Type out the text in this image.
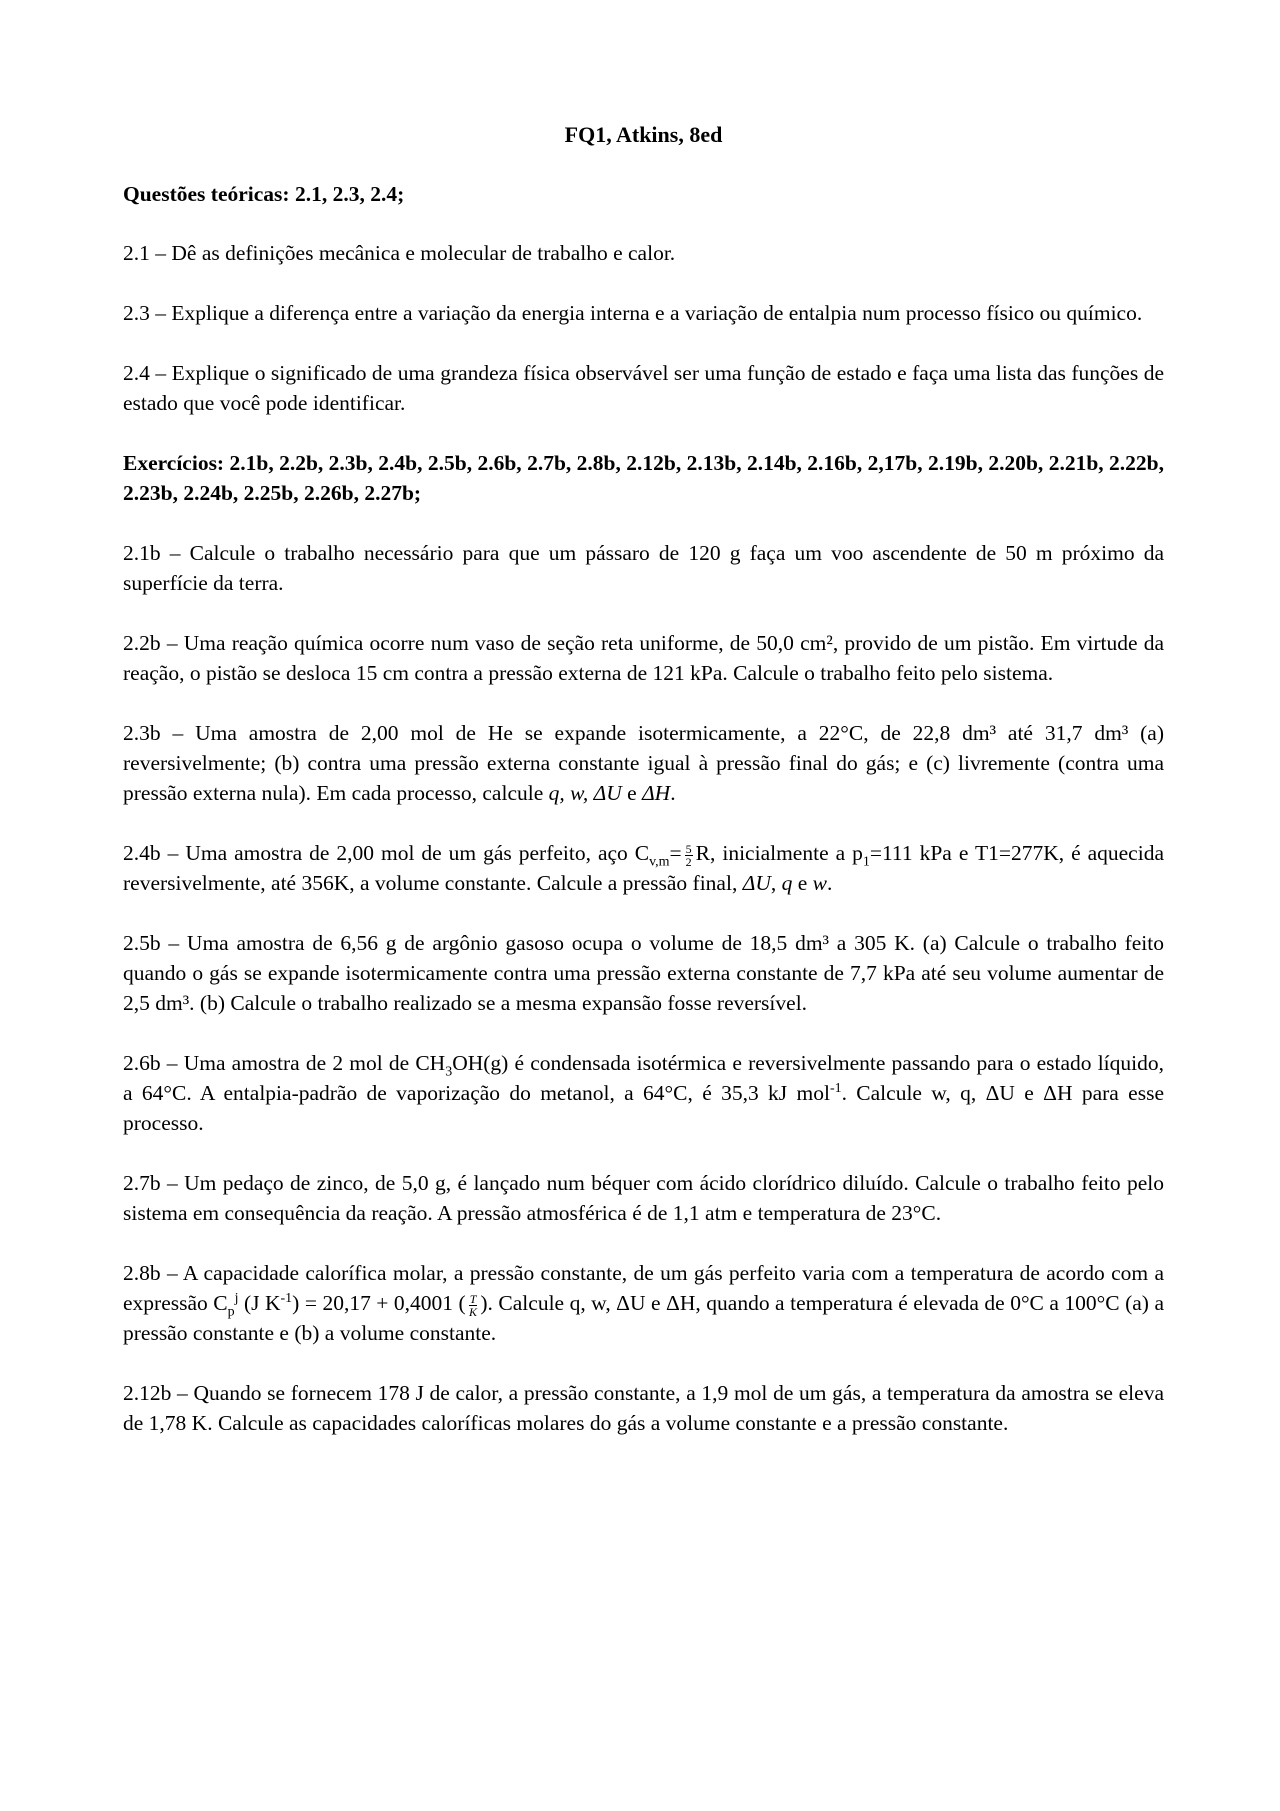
FQ1, Atkins, 8ed
Questões teóricas: 2.1, 2.3, 2.4;
2.1 – Dê as definições mecânica e molecular de trabalho e calor.
2.3 – Explique a diferença entre a variação da energia interna e a variação de entalpia num processo físico ou químico.
2.4 – Explique o significado de uma grandeza física observável ser uma função de estado e faça uma lista das funções de estado que você pode identificar.
Exercícios: 2.1b, 2.2b, 2.3b, 2.4b, 2.5b, 2.6b, 2.7b, 2.8b, 2.12b, 2.13b, 2.14b, 2.16b, 2,17b, 2.19b, 2.20b, 2.21b, 2.22b, 2.23b, 2.24b, 2.25b, 2.26b, 2.27b;
2.1b – Calcule o trabalho necessário para que um pássaro de 120 g faça um voo ascendente de 50 m próximo da superfície da terra.
2.2b – Uma reação química ocorre num vaso de seção reta uniforme, de 50,0 cm², provido de um pistão. Em virtude da reação, o pistão se desloca 15 cm contra a pressão externa de 121 kPa. Calcule o trabalho feito pelo sistema.
2.3b – Uma amostra de 2,00 mol de He se expande isotermicamente, a 22°C, de 22,8 dm³ até 31,7 dm³ (a) reversivelmente; (b) contra uma pressão externa constante igual à pressão final do gás; e (c) livremente (contra uma pressão externa nula). Em cada processo, calcule q, w, ΔU e ΔH.
2.4b – Uma amostra de 2,00 mol de um gás perfeito, aço $C_{v,m}= \frac{5}{2} R$, inicialmente a $p_1=111$ kPa e T1=277K, é aquecida reversivelmente, até 356K, a volume constante. Calcule a pressão final, ΔU, q e w.
2.5b – Uma amostra de 6,56 g de argônio gasoso ocupa o volume de 18,5 dm³ a 305 K. (a) Calcule o trabalho feito quando o gás se expande isotermicamente contra uma pressão externa constante de 7,7 kPa até seu volume aumentar de 2,5 dm³. (b) Calcule o trabalho realizado se a mesma expansão fosse reversível.
2.6b – Uma amostra de 2 mol de $CH_3OH(g)$ é condensada isotérmica e reversivelmente passando para o estado líquido, a 64°C. A entalpia-padrão de vaporização do metanol, a 64°C, é 35,3 kJ mol$^{-1}$. Calcule w, q, ΔU e ΔH para esse processo.
2.7b – Um pedaço de zinco, de 5,0 g, é lançado num béquer com ácido clorídrico diluído. Calcule o trabalho feito pelo sistema em consequência da reação. A pressão atmosférica é de 1,1 atm e temperatura de 23°C.
2.8b – A capacidade calorífica molar, a pressão constante, de um gás perfeito varia com a temperatura de acordo com a expressão $C_p^j$ (J $K^{-1}) = 20,17 + 0,4001$ ( $\frac{T}{K}$ ). Calcule q, w, ΔU e ΔH, quando a temperatura é elevada de 0°C a 100°C (a) a pressão constante e (b) a volume constante.
2.12b – Quando se fornecem 178 J de calor, a pressão constante, a 1,9 mol de um gás, a temperatura da amostra se eleva de 1,78 K. Calcule as capacidades caloríficas molares do gás a volume constante e a pressão constante.
